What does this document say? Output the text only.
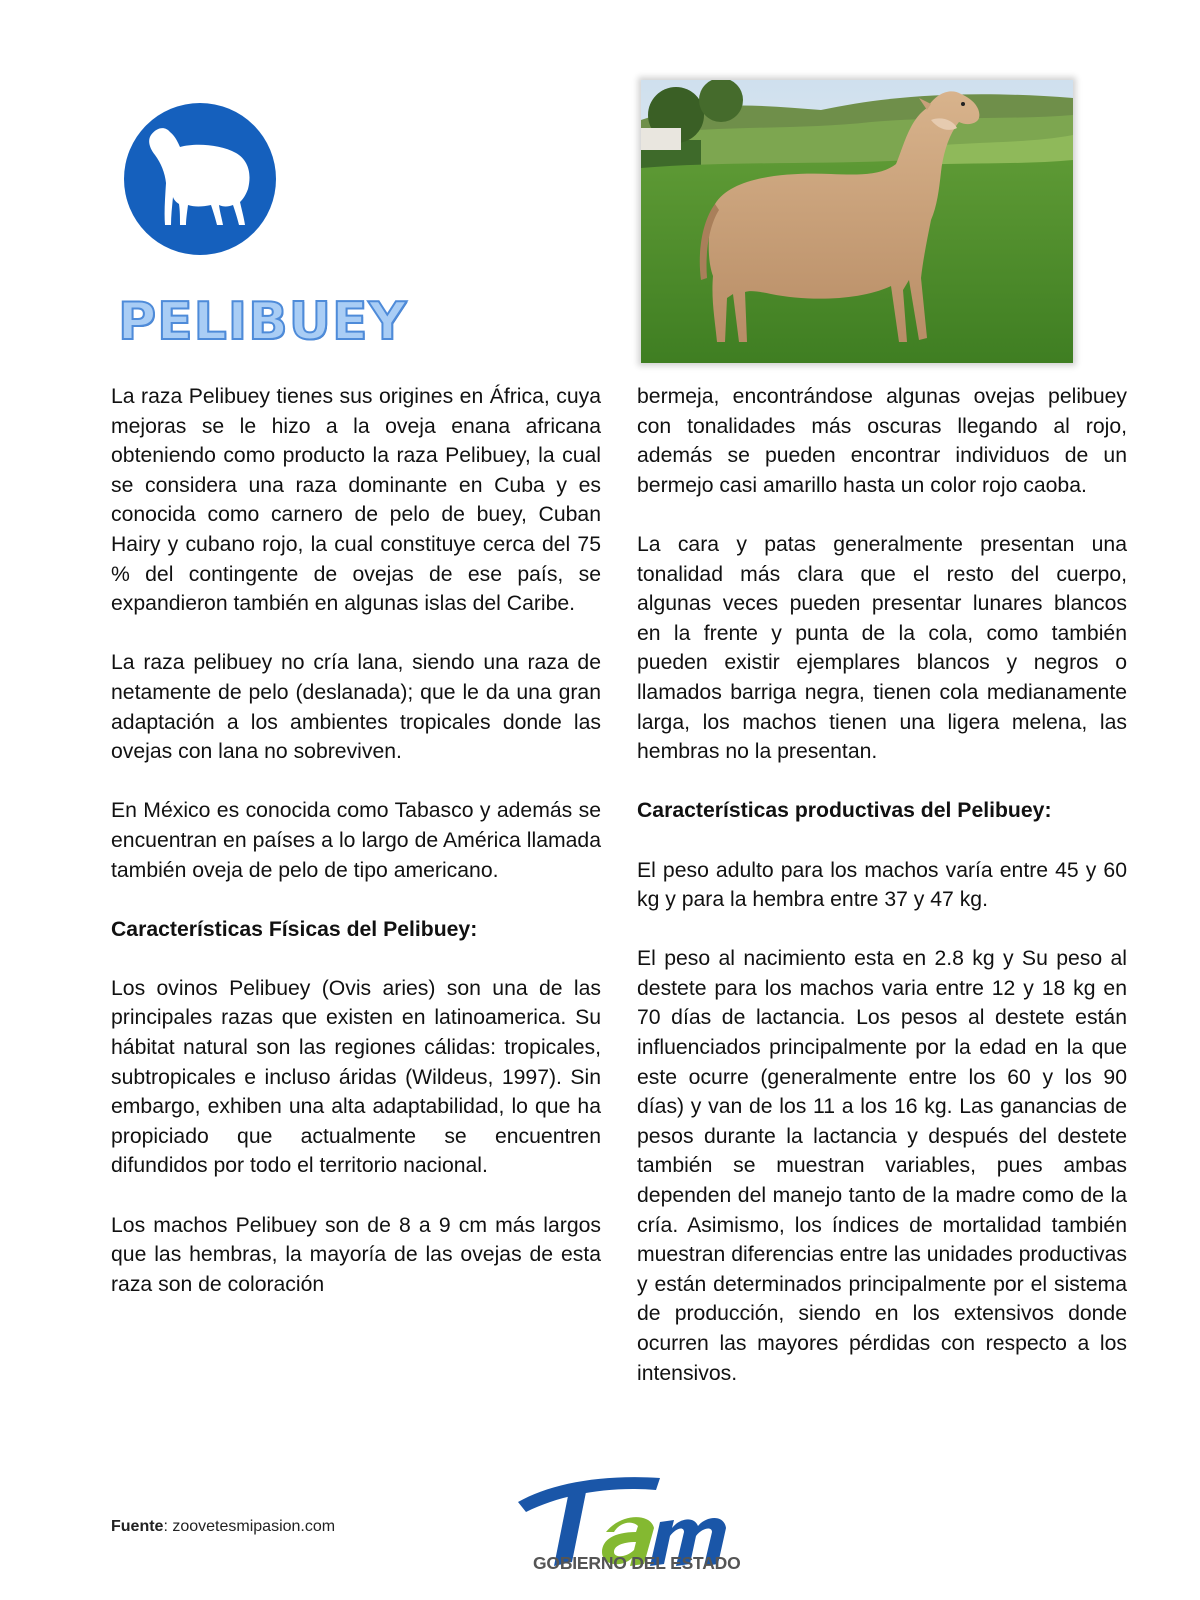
PELIBUEY

La raza Pelibuey tienes sus origines en África, cuya mejoras se le hizo a la oveja enana africana obteniendo como producto la raza Pelibuey, la cual se considera una raza dominante en Cuba y es conocida como carnero de pelo de buey, Cuban Hairy y cubano rojo, la cual constituye cerca del 75 % del contingente de ovejas de ese país, se expandieron también en algunas islas del Caribe.

La raza pelibuey no cría lana, siendo una raza de netamente de pelo (deslanada); que le da una gran adaptación a los ambientes tropicales donde las ovejas con lana no sobreviven.

En México es conocida como Tabasco y además se encuentran en países a lo largo de América llamada también oveja de pelo de tipo americano.

Características Físicas del Pelibuey:

Los ovinos Pelibuey (Ovis aries) son una de las principales razas que existen en latinoamerica. Su hábitat natural son las regiones cálidas: tropicales, subtropicales e incluso áridas (Wildeus, 1997). Sin embargo, exhiben una alta adaptabilidad, lo que ha propiciado que actualmente se encuentren difundidos por todo el territorio nacional.

Los machos Pelibuey son de 8 a 9 cm más largos que las hembras, la mayoría de las ovejas de esta raza son de coloración

bermeja, encontrándose algunas ovejas pelibuey con tonalidades más oscuras llegando al rojo, además se pueden encontrar individuos de un bermejo casi amarillo hasta un color rojo caoba.

La cara y patas generalmente presentan una tonalidad más clara que el resto del cuerpo, algunas veces pueden presentar lunares blancos en la frente y punta de la cola, como también pueden existir ejemplares blancos y negros o llamados barriga negra, tienen cola medianamente larga, los machos tienen una ligera melena, las hembras no la presentan.

Características productivas del Pelibuey:

El peso adulto para los machos varía entre 45 y 60 kg y para la hembra entre 37 y 47 kg.

El peso al nacimiento esta en 2.8 kg y Su peso al destete para los machos varia entre 12 y 18 kg en 70 días de lactancia. Los pesos al destete están influenciados principalmente por la edad en la que este ocurre (generalmente entre los 60 y los 90 días) y van de los 11 a los 16 kg. Las ganancias de pesos durante la lactancia y después del destete también se muestran variables, pues ambas dependen del manejo tanto de la madre como de la cría. Asimismo, los índices de mortalidad también muestran diferencias entre las unidades productivas y están determinados principalmente por el sistema de producción, siendo en los extensivos donde ocurren las mayores pérdidas con respecto a los intensivos.

Fuente: zoovetesmipasion.com
GOBIERNO DEL ESTADO
